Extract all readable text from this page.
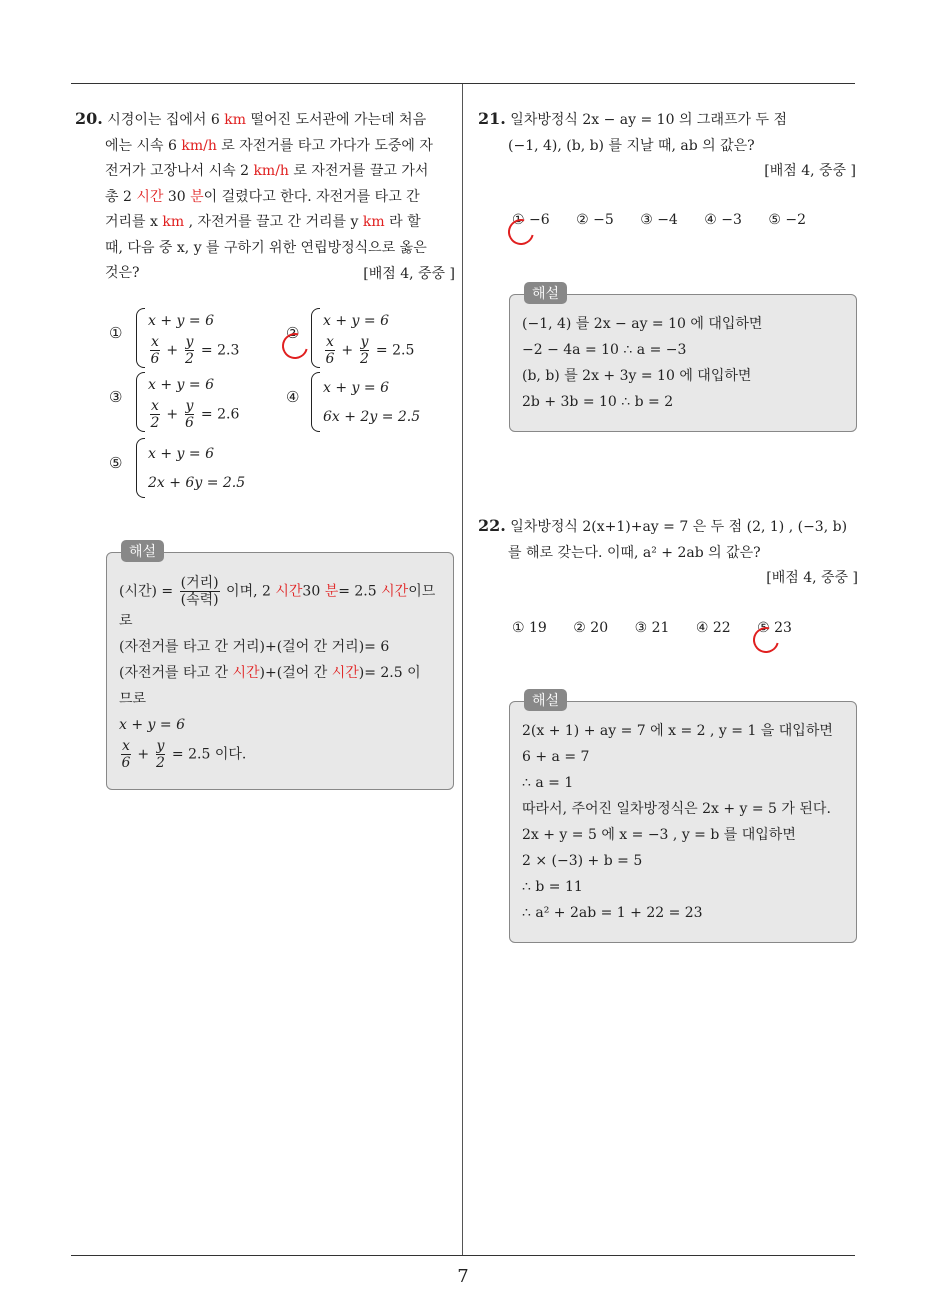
7
20. 시경이는 집에서 6 km 떨어진 도서관에 가는데 처음
에는 시속 6 km/h 로 자전거를 타고 가다가 도중에 자
전거가 고장나서 시속 2 km/h 로 자전거를 끌고 가서
총 2 시간 30 분이 걸렸다고 한다. 자전거를 타고 간
거리를 x km , 자전거를 끌고 간 거리를 y km 라 할
때, 다음 중 x, y 를 구하기 위한 연립방정식으로 옳은
것은?	[배점 4, 중중 ]
①
x + y = 6
$\frac{x}{6} + \frac{y}{2} = 2.3$
②
x + y = 6
$\frac{x}{6} + \frac{y}{2} = 2.5$
③
x + y = 6
$\frac{x}{2} + \frac{y}{6} = 2.6$
④ x + y = 6
6x + 2y = 2.5
⑤ x + y = 6
2x + 6y = 2.5
해설
(시간) = $\frac{\text{(거리)}}{\text{(속력)}}$ 이며, 2 시간30 분= 2.5 시간이므
로
(자전거를 타고 간 거리)+(걸어 간 거리)= 6
(자전거를 타고 간 시간)+(걸어 간 시간)= 2.5 이
므로
x + y = 6
$\frac{x}{6} + \frac{y}{2} = 2.5$ 이다.
21. 일차방정식 2x − ay = 10 의 그래프가 두 점
(−1, 4), (b, b) 를 지날 때, ab 의 값은?
[배점 4, 중중 ]
① −6 ② −5 ③ −4 ④ −3 ⑤ −2
해설
(−1, 4) 를 2x − ay = 10 에 대입하면
−2 − 4a = 10 ∴ a = −3
(b, b) 를 2x + 3y = 10 에 대입하면
2b + 3b = 10 ∴ b = 2
22. 일차방정식 2(x+1)+ay = 7 은 두 점 (2, 1) , (−3, b)
를 해로 갖는다. 이때, a² + 2ab 의 값은?
[배점 4, 중중 ]
① 19 ② 20 ③ 21 ④ 22 ⑤ 23
해설
2(x + 1) + ay = 7 에 x = 2 , y = 1 을 대입하면
6 + a = 7
∴ a = 1
따라서, 주어진 일차방정식은 2x + y = 5 가 된다.
2x + y = 5 에 x = −3 , y = b 를 대입하면
2 × (−3) + b = 5
∴ b = 11
∴ a² + 2ab = 1 + 22 = 23
